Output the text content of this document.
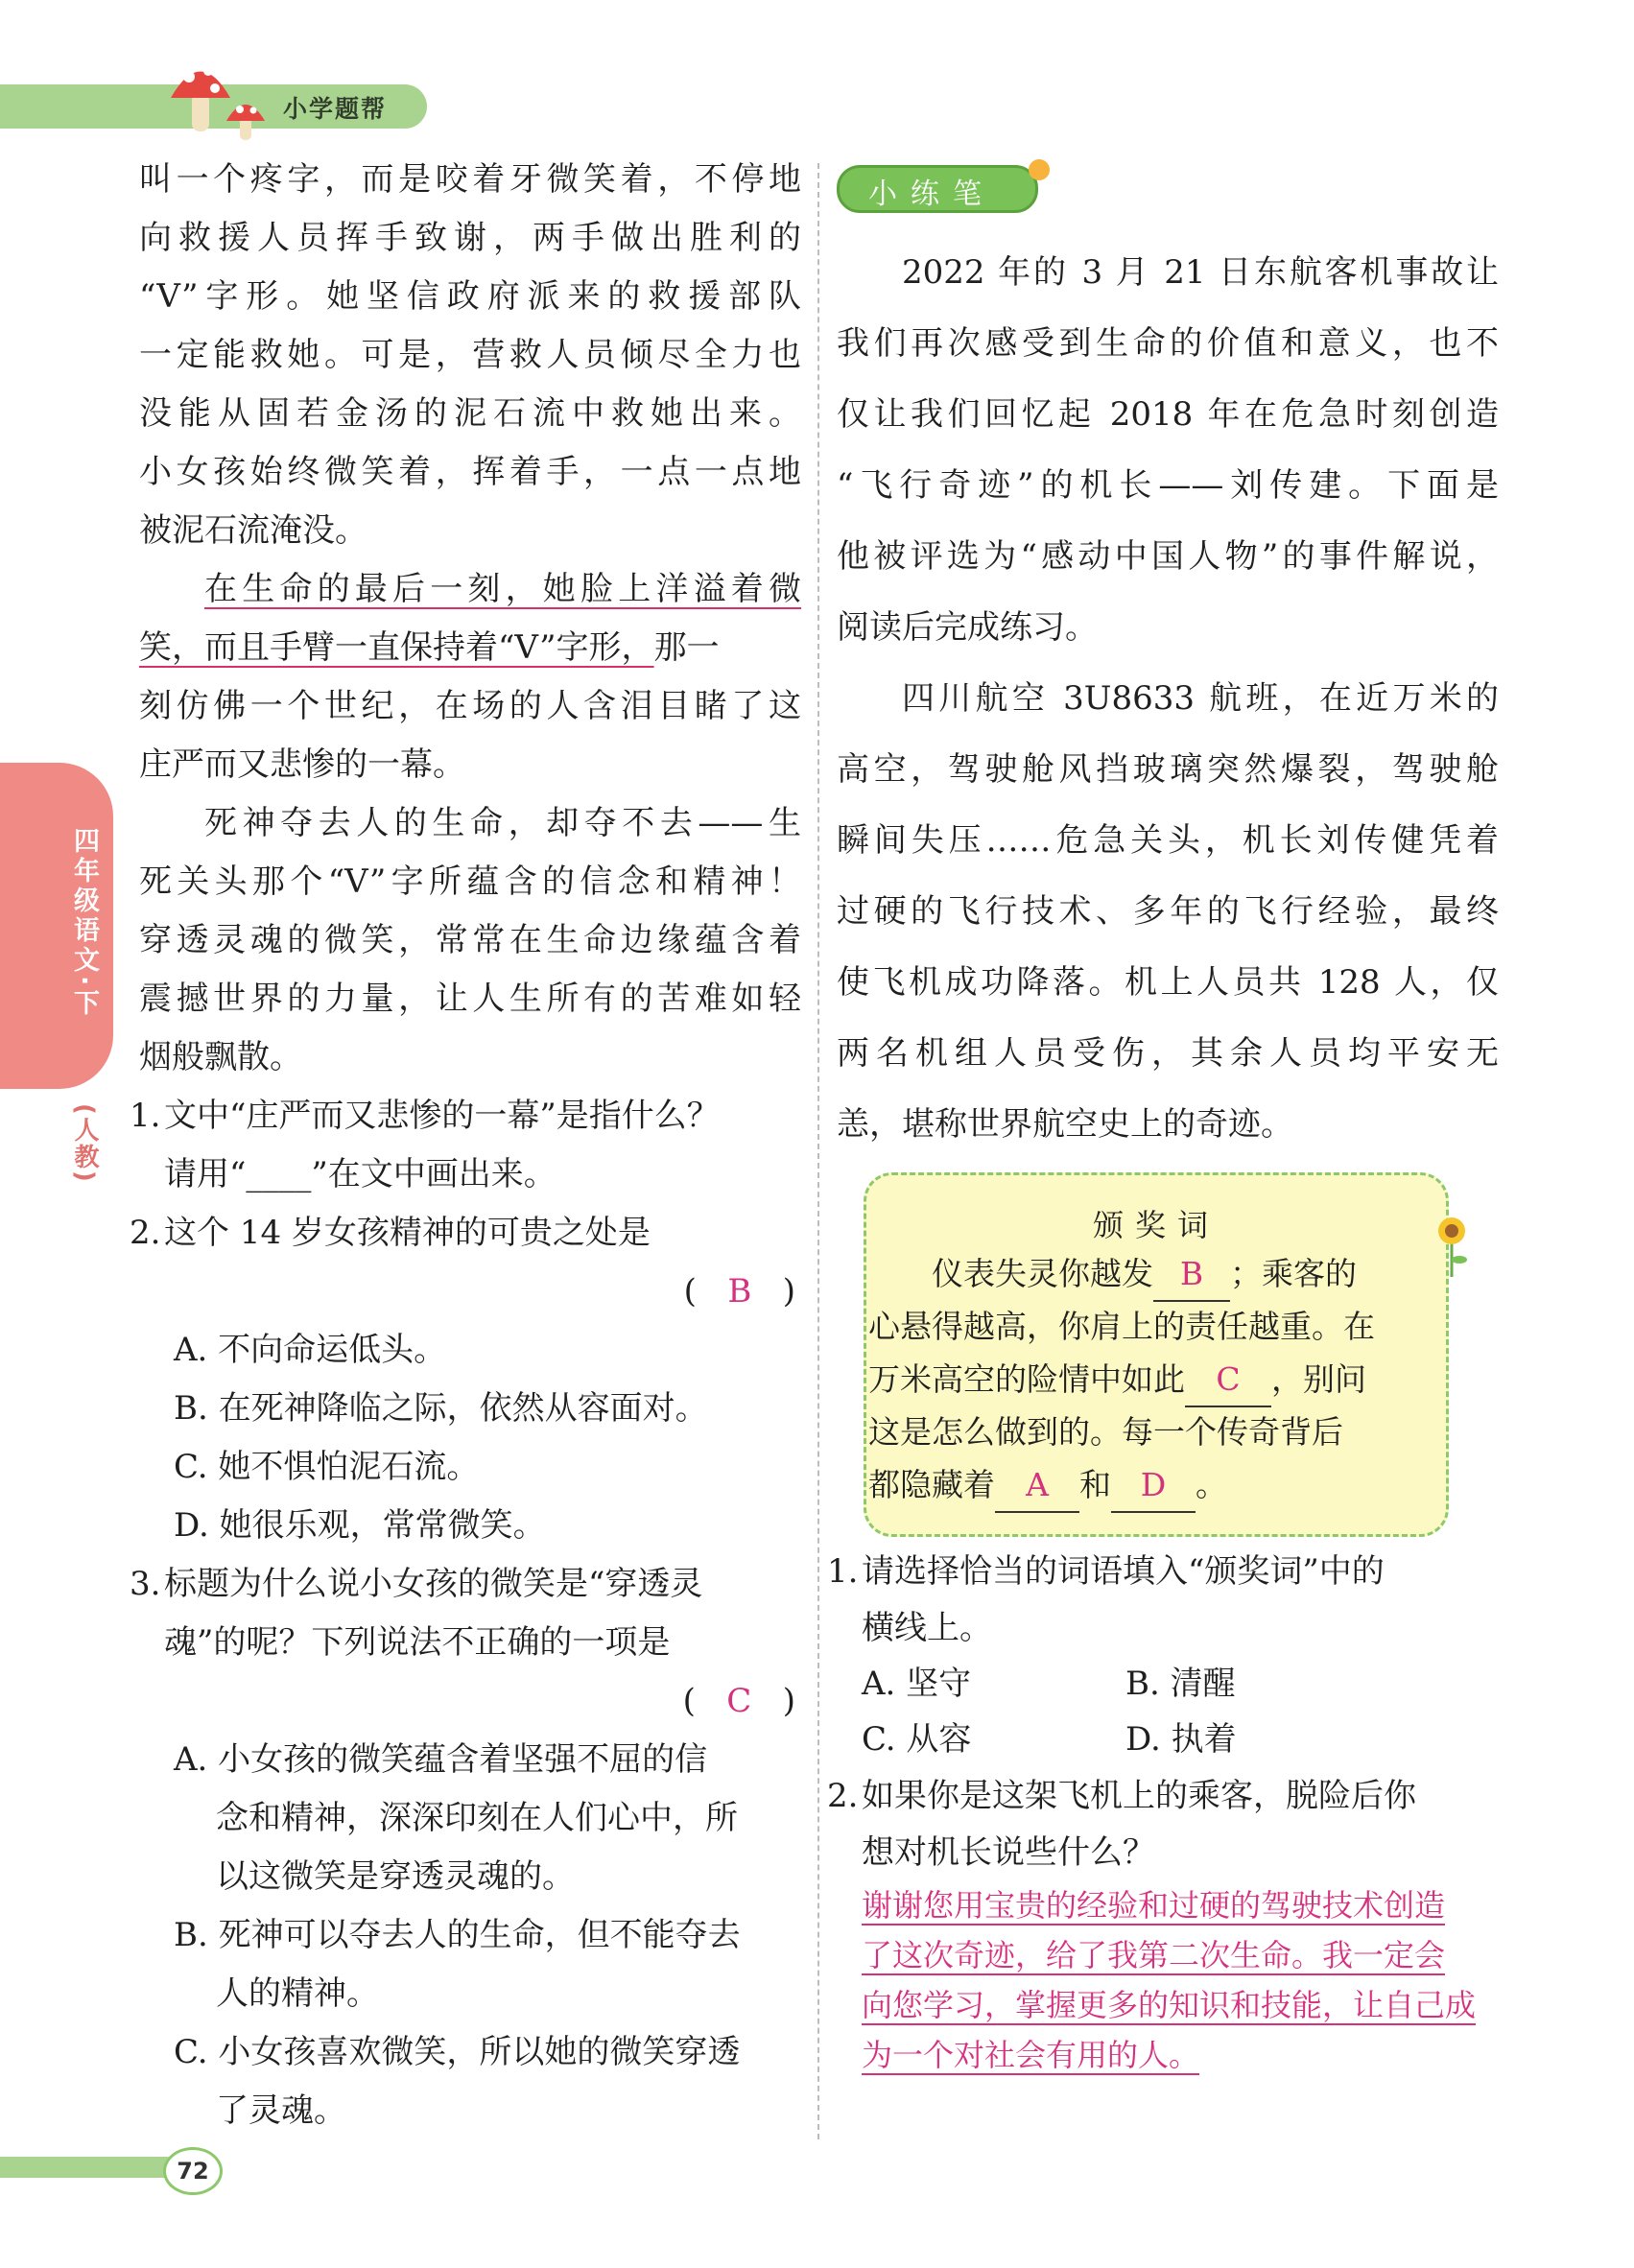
小学题帮
四年级语文·下
(人教)
叫一个疼字，而是咬着牙微笑着，不停地
向救援人员挥手致谢，两手做出胜利的
“V”字形。她坚信政府派来的救援部队
一定能救她。可是，营救人员倾尽全力也
没能从固若金汤的泥石流中救她出来。
小女孩始终微笑着，挥着手，一点一点地
被泥石流淹没。
在生命的最后一刻，她脸上洋溢着微
笑，而且手臂一直保持着“V”字形，那一
刻仿佛一个世纪，在场的人含泪目睹了这
庄严而又悲惨的一幕。
死神夺去人的生命，却夺不去——生
死关头那个“V”字所蕴含的信念和精神！
穿透灵魂的微笑，常常在生命边缘蕴含着
震撼世界的力量，让人生所有的苦难如轻
烟般飘散。
1. 文中“庄严而又悲惨的一幕”是指什么？
请用“____”在文中画出来。
2. 这个 14 岁女孩精神的可贵之处是
(   B   )
A. 不向命运低头。
B. 在死神降临之际，依然从容面对。
C. 她不惧怕泥石流。
D. 她很乐观，常常微笑。
3. 标题为什么说小女孩的微笑是“穿透灵
魂”的呢？下列说法不正确的一项是
(   C   )
A. 小女孩的微笑蕴含着坚强不屈的信
念和精神，深深印刻在人们心中，所
以这微笑是穿透灵魂的。
B. 死神可以夺去人的生命，但不能夺去
人的精神。
C. 小女孩喜欢微笑，所以她的微笑穿透
了灵魂。
小练笔
2022 年的 3 月 21 日东航客机事故让
我们再次感受到生命的价值和意义，也不
仅让我们回忆起 2018 年在危急时刻创造
“飞行奇迹”的机长——刘传建。下面是
他被评选为“感动中国人物”的事件解说，
阅读后完成练习。
四川航空 3U8633 航班，在近万米的
高空，驾驶舱风挡玻璃突然爆裂，驾驶舱
瞬间失压……危急关头，机长刘传健凭着
过硬的飞行技术、多年的飞行经验，最终
使飞机成功降落。机上人员共 128 人，仅
两名机组人员受伤，其余人员均平安无
恙，堪称世界航空史上的奇迹。
颁奖词
仪表失灵你越发 B ；乘客的
心悬得越高，你肩上的责任越重。在
万米高空的险情中如此 C ，别问
这是怎么做到的。每一个传奇背后
都隐藏着 A 和 D 。
1. 请选择恰当的词语填入“颁奖词”中的
横线上。
A. 坚守	B. 清醒
C. 从容	D. 执着
2. 如果你是这架飞机上的乘客，脱险后你
想对机长说些什么？
谢谢您用宝贵的经验和过硬的驾驶技术创造
了这次奇迹，给了我第二次生命。我一定会
向您学习，掌握更多的知识和技能，让自己成
为一个对社会有用的人。
72
